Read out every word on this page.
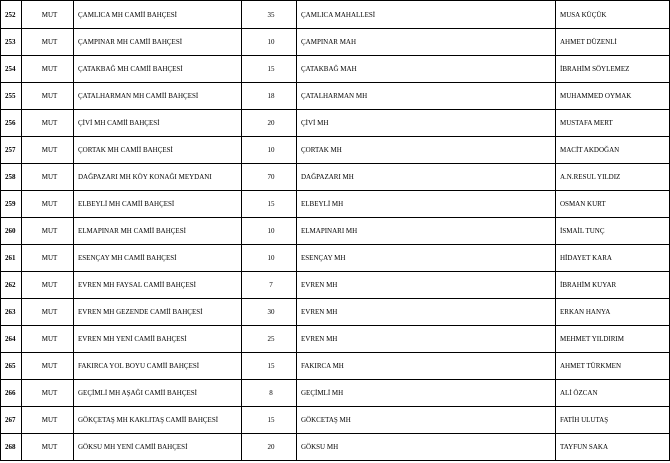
252	MUT	ÇAMLICA MH CAMİİ BAHÇESİ	35	ÇAMLICA MAHALLESİ	MUSA KÜÇÜK
253	MUT	ÇAMPINAR MH CAMİİ BAHÇESİ	10	ÇAMPINAR MAH	AHMET DÜZENLİ
254	MUT	ÇATAKBAĞ MH CAMİİ BAHÇESİ	15	ÇATAKBAĞ MAH	İBRAHİM SÖYLEMEZ
255	MUT	ÇATALHARMAN MH CAMİİ BAHÇESİ	18	ÇATALHARMAN MH	MUHAMMED OYMAK
256	MUT	ÇİVİ MH CAMİİ BAHÇESİ	20	ÇİVİ MH	MUSTAFA MERT
257	MUT	ÇORTAK MH CAMİİ BAHÇESİ	10	ÇORTAK MH	MACİT AKDOĞAN
258	MUT	DAĞPAZARI MH KÖY KONAĞI MEYDANI	70	DAĞPAZARI MH	A.N.RESUL YILDIZ
259	MUT	ELBEYLİ MH CAMİİ BAHÇESİ	15	ELBEYLİ MH	OSMAN KURT
260	MUT	ELMAPINAR MH CAMİİ BAHÇESİ	10	ELMAPINARI MH	İSMAİL TUNÇ
261	MUT	ESENÇAY MH CAMİİ BAHÇESİ	10	ESENÇAY MH	HİDAYET KARA
262	MUT	EVREN MH FAYSAL CAMİİ BAHÇESİ	7	EVREN MH	İBRAHİM KUYAR
263	MUT	EVREN MH GEZENDE CAMİİ BAHÇESİ	30	EVREN MH	ERKAN HANYA
264	MUT	EVREN MH YENİ CAMİİ BAHÇESİ	25	EVREN MH	MEHMET YILDIRIM
265	MUT	FAKIRCA YOL BOYU CAMİİ BAHÇESİ	15	FAKIRCA MH	AHMET TÜRKMEN
266	MUT	GEÇİMLİ MH AŞAĞI CAMİİ BAHÇESİ	8	GEÇİMLİ MH	ALİ ÖZCAN
267	MUT	GÖKÇETAŞ MH KAKLITAŞ CAMİİ BAHÇESİ	15	GÖKCETAŞ MH	FATİH ULUTAŞ
268	MUT	GÖKSU MH YENİ CAMİİ BAHÇESİ	20	GÖKSU MH	TAYFUN SAKA
